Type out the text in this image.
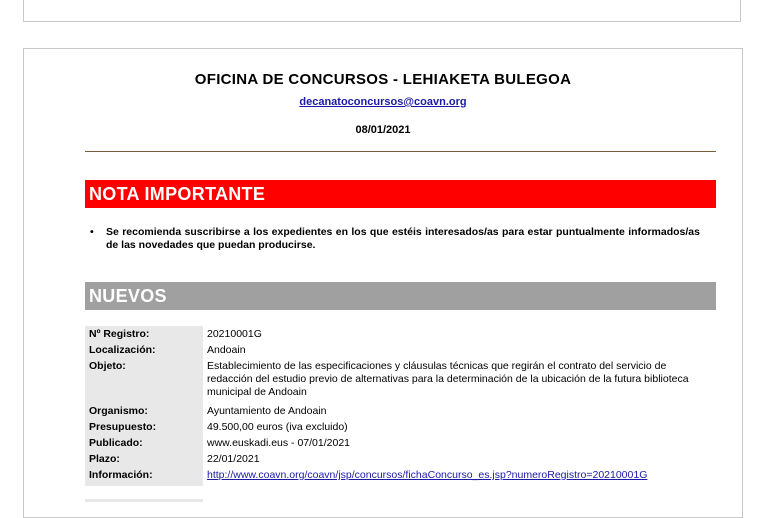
OFICINA DE CONCURSOS - LEHIAKETA BULEGOA
decanatoconcursos@coavn.org
08/01/2021
NOTA IMPORTANTE
• Se recomienda suscribirse a los expedientes en los que estéis interesados/as para estar puntualmente informados/as de las novedades que puedan producirse.
NUEVOS
Nº Registro:	20210001G
Localización:	Andoain
Objeto:	Establecimiento de las especificaciones y cláusulas técnicas que regirán el contrato del servicio de redacción del estudio previo de alternativas para la determinación de la ubicación de la futura biblioteca municipal de Andoain
Organismo:	Ayuntamiento de Andoain
Presupuesto:	49.500,00 euros (iva excluido)
Publicado:	www.euskadi.eus - 07/01/2021
Plazo:	22/01/2021
Información:	http://www.coavn.org/coavn/jsp/concursos/fichaConcurso_es.jsp?numeroRegistro=20210001G
